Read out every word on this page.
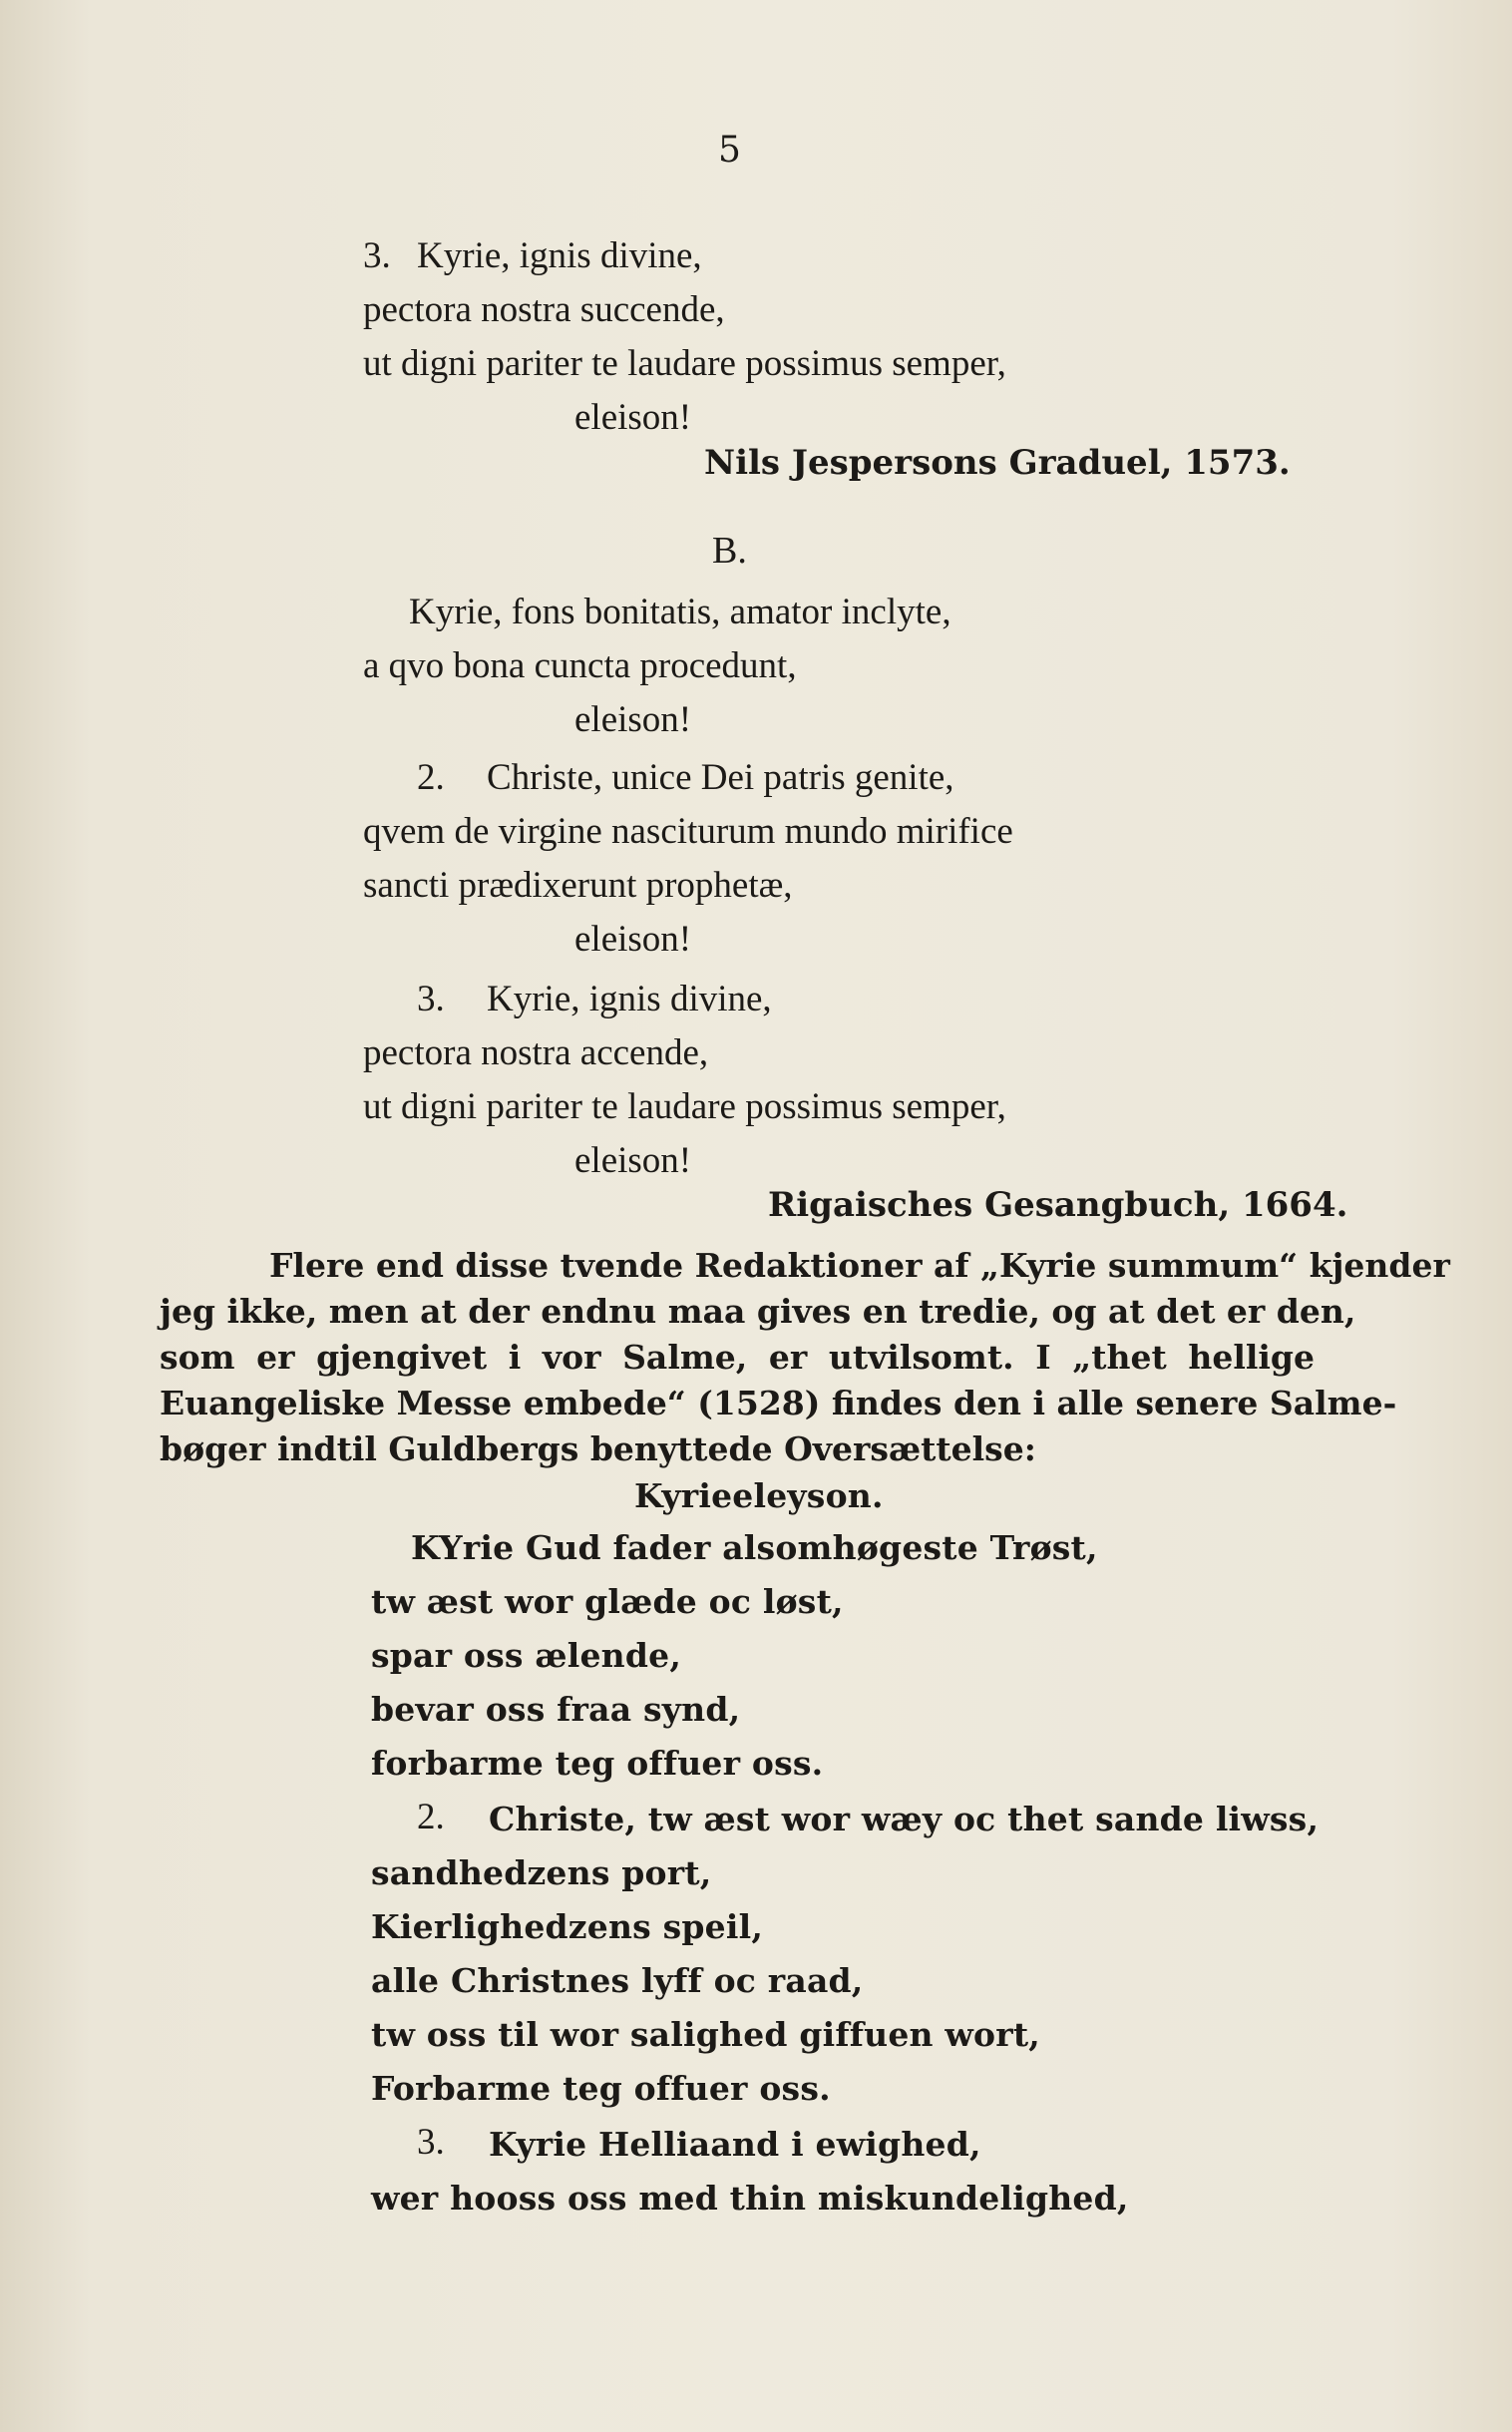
5
3. Kyrie, ignis divine,
pectora nostra succende,
ut digni pariter te laudare possimus semper,
eleison!
Nils Jespersons Graduel, 1573.
B.
Kyrie, fons bonitatis, amator inclyte,
a qvo bona cuncta procedunt,
eleison!
2. Christe, unice Dei patris genite,
qvem de virgine nasciturum mundo mirifice
sancti prædixerunt prophetæ,
eleison!
3. Kyrie, ignis divine,
pectora nostra accende,
ut digni pariter te laudare possimus semper,
eleison!
Rigaisches Gesangbuch, 1664.
Flere end disse tvende Redaktioner af „Kyrie summum“ kjender
jeg ikke, men at der endnu maa gives en tredie, og at det er den,
som er gjengivet i vor Salme, er utvilsomt. I „thet hellige
Euangeliske Messe embede“ (1528) findes den i alle senere Salme-
bøger indtil Guldbergs benyttede Oversættelse:
Kyrieeleyson.
KYrie Gud fader alsomhøgeste Trøst,
tw æst wor glæde oc løst,
spar oss ælende,
bevar oss fraa synd,
forbarme teg offuer oss.
2. Christe, tw æst wor wæy oc thet sande liwss,
sandhedzens port,
Kierlighedzens speil,
alle Christnes lyff oc raad,
tw oss til wor salighed giffuen wort,
Forbarme teg offuer oss.
3. Kyrie Helliaand i ewighed,
wer hooss oss med thin miskundelighed,
